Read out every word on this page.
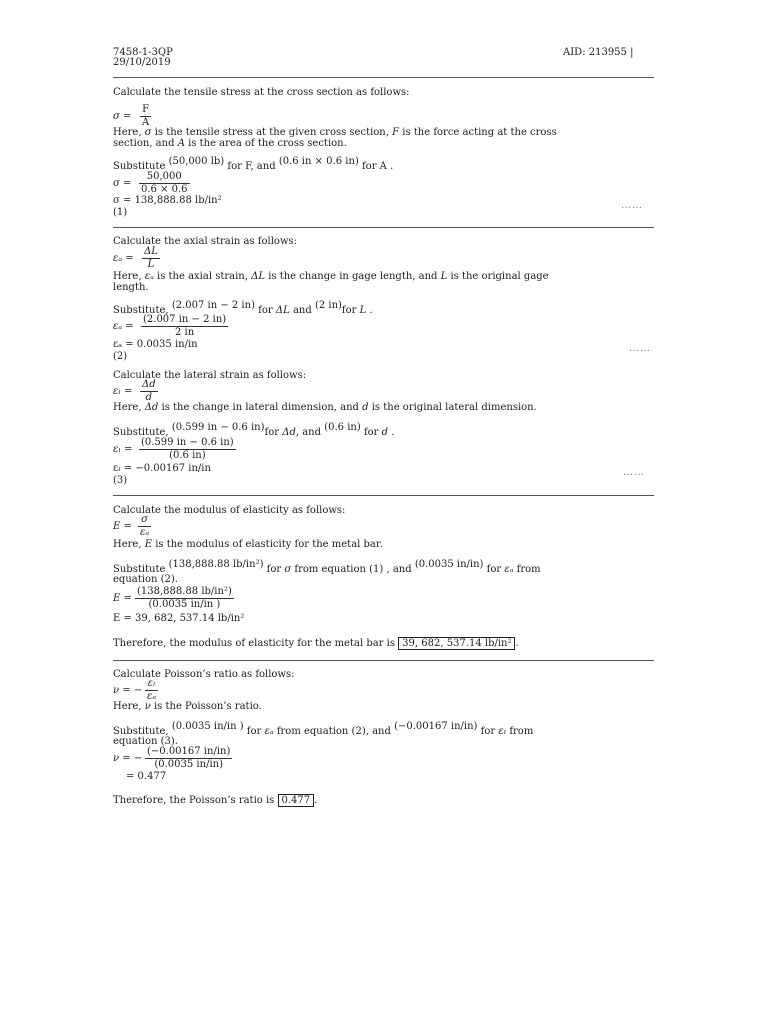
7458-1-3QP
29/10/2019
AID: 213955 |
Calculate the tensile stress at the cross section as follows:
$\sigma = \frac{F}{A}$
Here, σ is the tensile stress at the given cross section, F is the force acting at the cross
section, and A is the area of the cross section.
Substitute (50,000 lb) for F, and (0.6 in × 0.6 in) for A .
$\sigma = \frac{50,000}{0.6 \times 0.6}$
σ = 138,888.88 lb/in²
(1)
……
Calculate the axial strain as follows:
$\varepsilon_a = \frac{\Delta L}{L}$
Here, εₐ is the axial strain, ΔL is the change in gage length, and L is the original gage
length.
Substitute, (2.007 in − 2 in) for ΔL and (2 in)for L .
$\varepsilon_a = \frac{(2.007 in - 2 in)}{2 in}$
εₐ = 0.0035 in/in
(2)
……
Calculate the lateral strain as follows:
$\varepsilon_l = \frac{\Delta d}{d}$
Here, Δd is the change in lateral dimension, and d is the original lateral dimension.
Substitute, (0.599 in − 0.6 in)for Δd, and (0.6 in) for d .
$\varepsilon_l = \frac{(0.599 in - 0.6 in)}{(0.6 in)}$
εₗ = −0.00167 in/in
(3)
……
Calculate the modulus of elasticity as follows:
$E = \frac{\sigma}{\text{εₐ}}$
Here, E is the modulus of elasticity for the metal bar.
Substitute (138,888.88 lb/in²) for σ from equation (1) , and (0.0035 in/in) for εₐ from
equation (2).
$E = \frac{\text{(138,888.88 lb/in²)}}{(0.0035 in/in )}$
E = 39, 682, 537.14 lb/in²
Therefore, the modulus of elasticity for the metal bar is 39, 682, 537.14 lb/in² .
Calculate Poisson’s ratio as follows:
ν = − $\frac{\text{εₗ}}{\text{εₐ}}$
Here, ν is the Poisson’s ratio.
Substitute, (0.0035 in/in ) for εₐ from equation (2), and (−0.00167 in/in) for εₗ from
equation (3).
ν = − $\frac{(-0.00167 in/in)}{(0.0035 in/in)}$
= 0.477
Therefore, the Poisson’s ratio is 0.477 .
